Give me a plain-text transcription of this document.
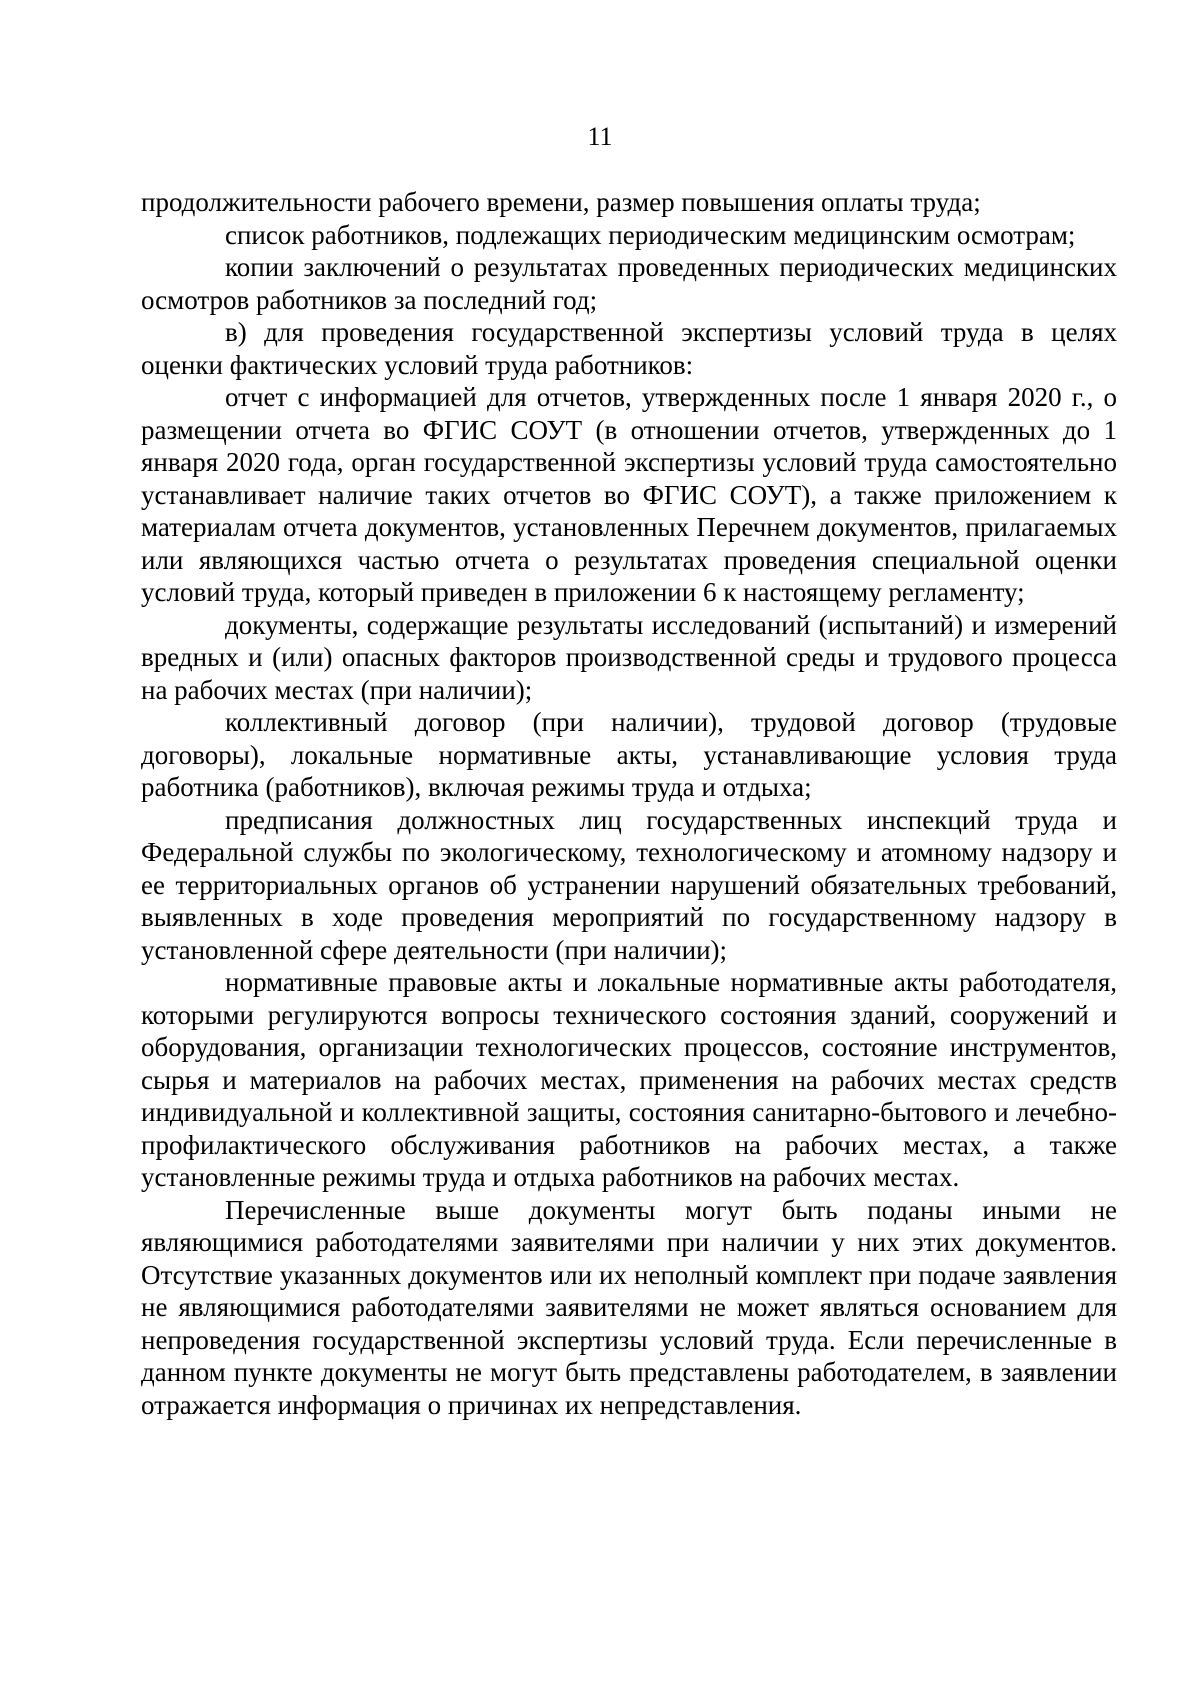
11

продолжительности рабочего времени, размер повышения оплаты труда;

список работников, подлежащих периодическим медицинским осмотрам;

копии заключений о результатах проведенных периодических медицинских осмотров работников за последний год;

в) для проведения государственной экспертизы условий труда в целях оценки фактических условий труда работников:

отчет с информацией для отчетов, утвержденных после 1 января 2020 г., о размещении отчета во ФГИС СОУТ (в отношении отчетов, утвержденных до 1 января 2020 года, орган государственной экспертизы условий труда самостоятельно устанавливает наличие таких отчетов во ФГИС СОУТ), а также приложением к материалам отчета документов, установленных Перечнем документов, прилагаемых или являющихся частью отчета о результатах проведения специальной оценки условий труда, который приведен в приложении 6 к настоящему регламенту;

документы, содержащие результаты исследований (испытаний) и измерений вредных и (или) опасных факторов производственной среды и трудового процесса на рабочих местах (при наличии);

коллективный договор (при наличии), трудовой договор (трудовые договоры), локальные нормативные акты, устанавливающие условия труда работника (работников), включая режимы труда и отдыха;

предписания должностных лиц государственных инспекций труда и Федеральной службы по экологическому, технологическому и атомному надзору и ее территориальных органов об устранении нарушений обязательных требований, выявленных в ходе проведения мероприятий по государственному надзору в установленной сфере деятельности (при наличии);

нормативные правовые акты и локальные нормативные акты работодателя, которыми регулируются вопросы технического состояния зданий, сооружений и оборудования, организации технологических процессов, состояние инструментов, сырья и материалов на рабочих местах, применения на рабочих местах средств индивидуальной и коллективной защиты, состояния санитарно-бытового и лечебно-профилактического обслуживания работников на рабочих местах, а также установленные режимы труда и отдыха работников на рабочих местах.

Перечисленные выше документы могут быть поданы иными не являющимися работодателями заявителями при наличии у них этих документов. Отсутствие указанных документов или их неполный комплект при подаче заявления не являющимися работодателями заявителями не может являться основанием для непроведения государственной экспертизы условий труда. Если перечисленные в данном пункте документы не могут быть представлены работодателем, в заявлении отражается информация о причинах их непредставления.
